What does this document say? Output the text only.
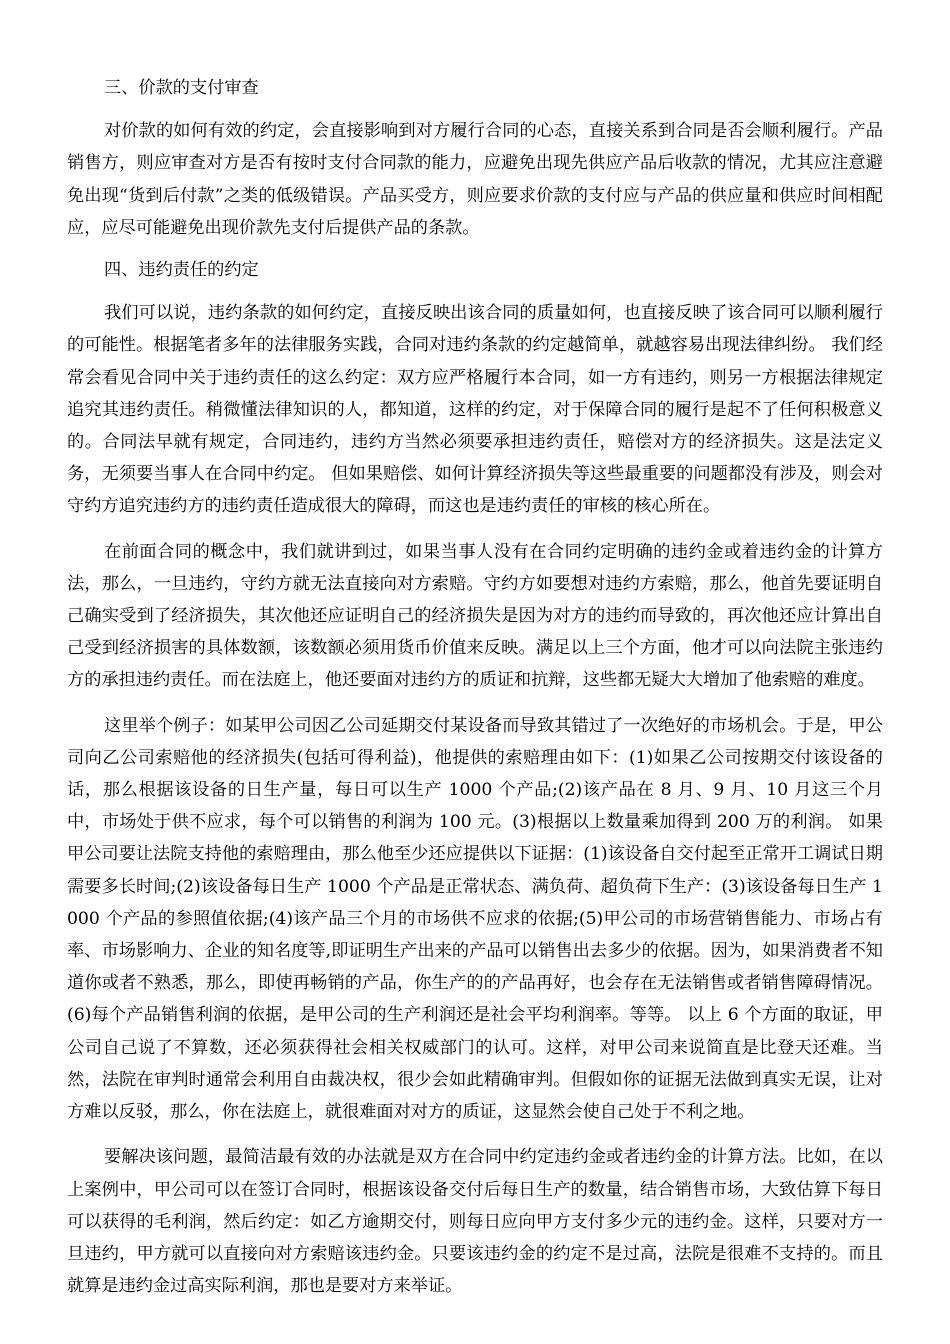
三、价款的支付审查

对价款的如何有效的约定，会直接影响到对方履行合同的心态，直接关系到合同是否会顺利履行。产品销售方，则应审查对方是否有按时支付合同款的能力，应避免出现先供应产品后收款的情况，尤其应注意避免出现“货到后付款”之类的低级错误。产品买受方，则应要求价款的支付应与产品的供应量和供应时间相配应，应尽可能避免出现价款先支付后提供产品的条款。

四、违约责任的约定

我们可以说，违约条款的如何约定，直接反映出该合同的质量如何，也直接反映了该合同可以顺利履行的可能性。根据笔者多年的法律服务实践，合同对违约条款的约定越简单，就越容易出现法律纠纷。 我们经常会看见合同中关于违约责任的这么约定：双方应严格履行本合同，如一方有违约，则另一方根据法律规定追究其违约责任。稍微懂法律知识的人，都知道，这样的约定，对于保障合同的履行是起不了任何积极意义的。合同法早就有规定，合同违约，违约方当然必须要承担违约责任，赔偿对方的经济损失。这是法定义务，无须要当事人在合同中约定。 但如果赔偿、如何计算经济损失等这些最重要的问题都没有涉及，则会对守约方追究违约方的违约责任造成很大的障碍，而这也是违约责任的审核的核心所在。

在前面合同的概念中，我们就讲到过，如果当事人没有在合同约定明确的违约金或着违约金的计算方法，那么，一旦违约，守约方就无法直接向对方索赔。守约方如要想对违约方索赔，那么，他首先要证明自己确实受到了经济损失，其次他还应证明自己的经济损失是因为对方的违约而导致的，再次他还应计算出自己受到经济损害的具体数额，该数额必须用货币价值来反映。满足以上三个方面，他才可以向法院主张违约方的承担违约责任。而在法庭上，他还要面对违约方的质证和抗辩，这些都无疑大大增加了他索赔的难度。

这里举个例子：如某甲公司因乙公司延期交付某设备而导致其错过了一次绝好的市场机会。于是，甲公司向乙公司索赔他的经济损失(包括可得利益)，他提供的索赔理由如下：(1)如果乙公司按期交付该设备的话，那么根据该设备的日生产量，每日可以生产 1000 个产品;(2)该产品在 8 月、9 月、10 月这三个月中，市场处于供不应求，每个可以销售的利润为 100 元。(3)根据以上数量乘加得到 200 万的利润。 如果甲公司要让法院支持他的索赔理由，那么他至少还应提供以下证据：(1)该设备自交付起至正常开工调试日期需要多长时间;(2)该设备每日生产 1000 个产品是正常状态、满负荷、超负荷下生产：(3)该设备每日生产 1000 个产品的参照值依据;(4)该产品三个月的市场供不应求的依据;(5)甲公司的市场营销售能力、市场占有率、市场影响力、企业的知名度等,即证明生产出来的产品可以销售出去多少的依据。因为，如果消费者不知道你或者不熟悉，那么，即使再畅销的产品，你生产的的产品再好，也会存在无法销售或者销售障碍情况。(6)每个产品销售利润的依据，是甲公司的生产利润还是社会平均利润率。等等。 以上 6 个方面的取证，甲公司自己说了不算数，还必须获得社会相关权威部门的认可。这样，对甲公司来说简直是比登天还难。当然，法院在审判时通常会利用自由裁决权，很少会如此精确审判。但假如你的证据无法做到真实无误，让对方难以反驳，那么，你在法庭上，就很难面对对方的质证，这显然会使自己处于不利之地。

要解决该问题，最简洁最有效的办法就是双方在合同中约定违约金或者违约金的计算方法。比如，在以上案例中，甲公司可以在签订合同时，根据该设备交付后每日生产的数量，结合销售市场，大致估算下每日可以获得的毛利润，然后约定：如乙方逾期交付，则每日应向甲方支付多少元的违约金。这样，只要对方一旦违约，甲方就可以直接向对方索赔该违约金。只要该违约金的约定不是过高，法院是很难不支持的。而且就算是违约金过高实际利润，那也是要对方来举证。
